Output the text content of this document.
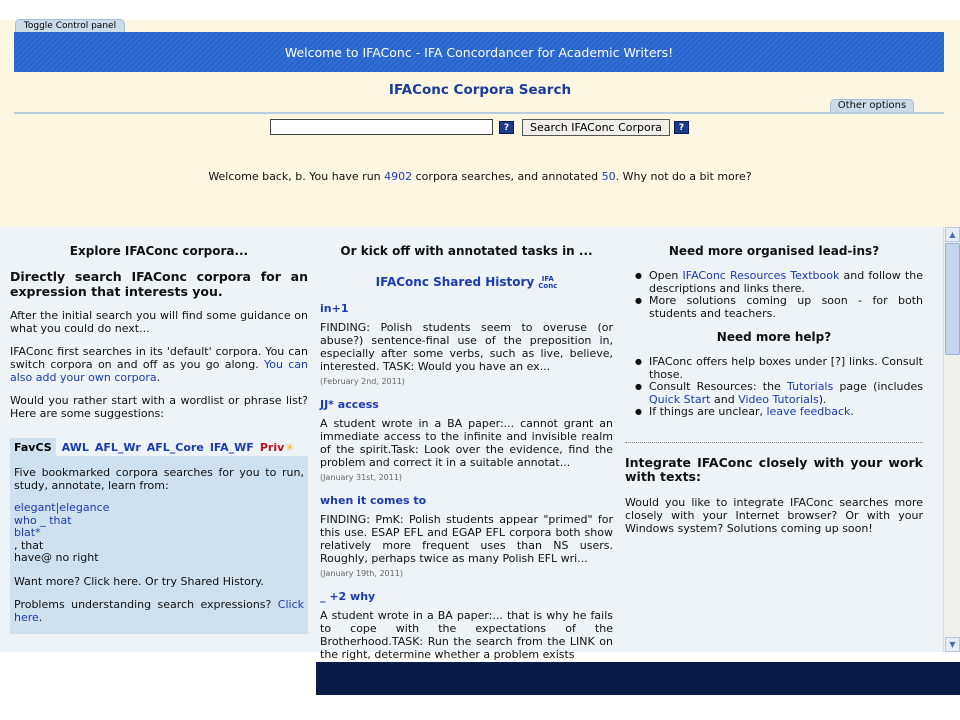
Toggle Control panel
Welcome to IFAConc - IFA Concordancer for Academic Writers!
IFAConc Corpora Search
Other options
?	Search IFAConc Corpora	?
Welcome back, b. You have run 4902 corpora searches, and annotated 50. Why not do a bit more?
Explore IFAConc corpora...
Directly search IFAConc corpora for an expression that interests you.

After the initial search you will find some guidance on what you could do next...

IFAConc first searches in its 'default' corpora. You can switch corpora on and off as you go along. You can also add your own corpora.

Would you rather start with a wordlist or phrase list? Here are some suggestions:

FavCS AWL AFL_Wr AFL_Core IFA_WF Priv ✳

Five bookmarked corpora searches for you to run, study, annotate, learn from:

elegant|elegance
who _ that
blat*
, that
have@ no right

Want more? Click here. Or try Shared History.

Problems understanding search expressions? Click here.

Or kick off with annotated tasks in ...
IFAConc Shared History IFA
Conc
in+1
FINDING: Polish students seem to overuse (or abuse?) sentence-final use of the preposition in, especially after some verbs, such as live, believe, interested. TASK: Would you have an ex...
(February 2nd, 2011)
JJ* access
A student wrote in a BA paper:... cannot grant an immediate access to the infinite and invisible realm of the spirit.Task: Look over the evidence, find the problem and correct it in a suitable annotat...
(January 31st, 2011)
when it comes to
FINDING: PmK: Polish students appear "primed" for this use. ESAP EFL and EGAP EFL corpora both show relatively more frequent uses than NS users. Roughly, perhaps twice as many Polish EFL wri...
(January 19th, 2011)
_ +2 why
A student wrote in a BA paper:... that is why he fails to cope with the expectations of the Brotherhood.TASK: Run the search from the LINK on the right, determine whether a problem exists
Need more organised lead-ins?
● Open IFAConc Resources Textbook and follow the descriptions and links there.
● More solutions coming up soon - for both students and teachers.
Need more help?
● IFAConc offers help boxes under [?] links. Consult those.
● Consult Resources: the Tutorials page (includes Quick Start and Video Tutorials).
● If things are unclear, leave feedback.
Integrate IFAConc closely with your work with texts:
Would you like to integrate IFAConc searches more closely with your Internet browser? Or with your Windows system? Solutions coming up soon!
▲
▼
